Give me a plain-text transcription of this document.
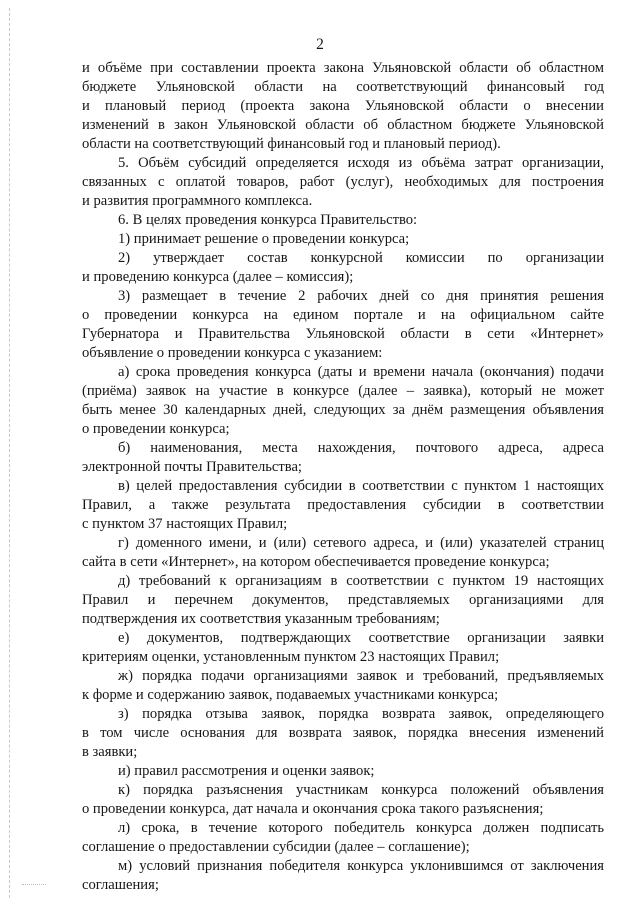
2
и объёме при составлении проекта закона Ульяновской области об областном
бюджете Ульяновской области на соответствующий финансовый год
и плановый период (проекта закона Ульяновской области о внесении
изменений в закон Ульяновской области об областном бюджете Ульяновской
области на соответствующий финансовый год и плановый период).
5. Объём субсидий определяется исходя из объёма затрат организации,
связанных с оплатой товаров, работ (услуг), необходимых для построения
и развития программного комплекса.
6. В целях проведения конкурса Правительство:
1) принимает решение о проведении конкурса;
2) утверждает состав конкурсной комиссии по организации
и проведению конкурса (далее – комиссия);
3) размещает в течение 2 рабочих дней со дня принятия решения
о проведении конкурса на едином портале и на официальном сайте
Губернатора и Правительства Ульяновской области в сети «Интернет»
объявление о проведении конкурса с указанием:
а) срока проведения конкурса (даты и времени начала (окончания) подачи
(приёма) заявок на участие в конкурсе (далее – заявка), который не может
быть менее 30 календарных дней, следующих за днём размещения объявления
о проведении конкурса;
б) наименования, места нахождения, почтового адреса, адреса
электронной почты Правительства;
в) целей предоставления субсидии в соответствии с пунктом 1 настоящих
Правил, а также результата предоставления субсидии в соответствии
с пунктом 37 настоящих Правил;
г) доменного имени, и (или) сетевого адреса, и (или) указателей страниц
сайта в сети «Интернет», на котором обеспечивается проведение конкурса;
д) требований к организациям в соответствии с пунктом 19 настоящих
Правил и перечнем документов, представляемых организациями для
подтверждения их соответствия указанным требованиям;
е) документов, подтверждающих соответствие организации заявки
критериям оценки, установленным пунктом 23 настоящих Правил;
ж) порядка подачи организациями заявок и требований, предъявляемых
к форме и содержанию заявок, подаваемых участниками конкурса;
з) порядка отзыва заявок, порядка возврата заявок, определяющего
в том числе основания для возврата заявок, порядка внесения изменений
в заявки;
и) правил рассмотрения и оценки заявок;
к) порядка разъяснения участникам конкурса положений объявления
о проведении конкурса, дат начала и окончания срока такого разъяснения;
л) срока, в течение которого победитель конкурса должен подписать
соглашение о предоставлении субсидии (далее – соглашение);
м) условий признания победителя конкурса уклонившимся от заключения
соглашения;
